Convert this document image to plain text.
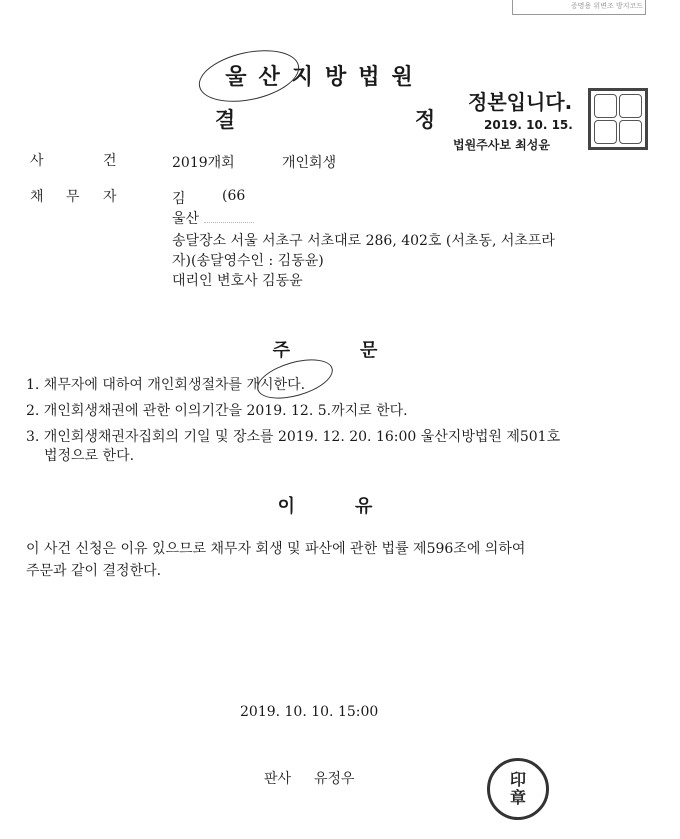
증명용 위변조 방지코드
울산지방법원
결	정
정본입니다.
2019. 10. 15.
법원주사보 최성윤
사	건	2019개회	개인회생
채 무 자	김	(66
울산
송달장소 서울 서초구 서초대로 286, 402호 (서초동, 서초프라
자)(송달영수인 : 김동윤)
대리인 변호사 김동윤
주	문
1. 채무자에 대하여 개인회생절차를 개시한다.
2. 개인회생채권에 관한 이의기간을 2019. 12. 5.까지로 한다.
3. 개인회생채권자집회의 기일 및 장소를 2019. 12. 20. 16:00 울산지방법원 제501호
법정으로 한다.
이	유
이 사건 신청은 이유 있으므로 채무자 회생 및 파산에 관한 법률 제596조에 의하여
주문과 같이 결정한다.
2019. 10. 10. 15:00
판사 유정우	印
章
